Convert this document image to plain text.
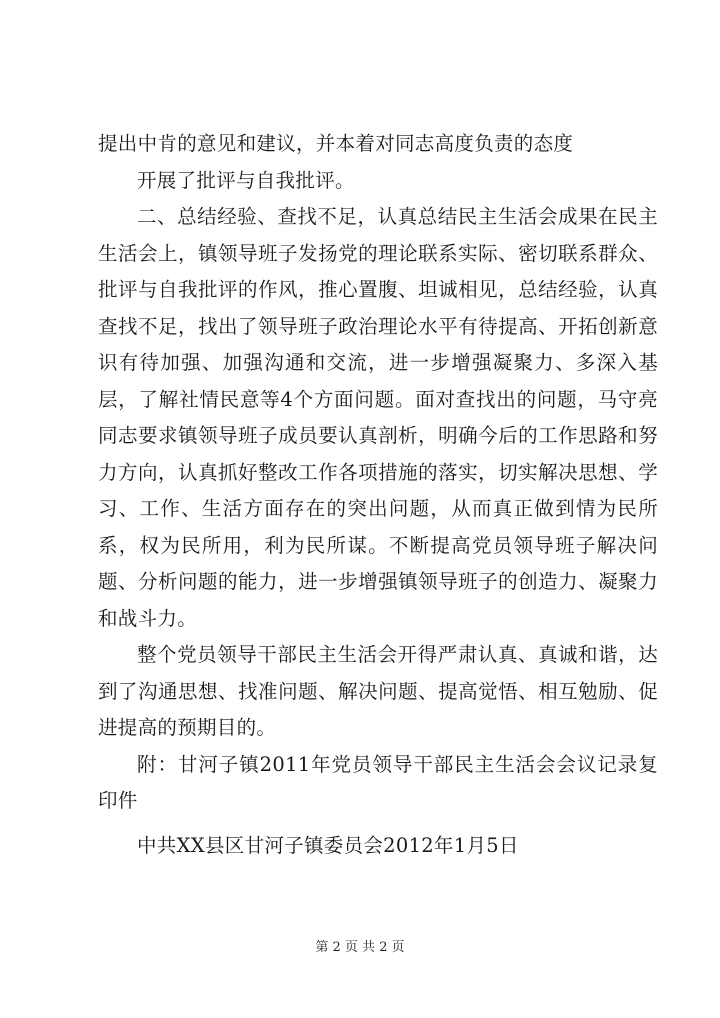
提出中肯的意见和建议，并本着对同志高度负责的态度

开展了批评与自我批评。

二、总结经验、查找不足，认真总结民主生活会成果在民主生活会上，镇领导班子发扬党的理论联系实际、密切联系群众、批评与自我批评的作风，推心置腹、坦诚相见，总结经验，认真查找不足，找出了领导班子政治理论水平有待提高、开拓创新意识有待加强、加强沟通和交流，进一步增强凝聚力、多深入基层，了解社情民意等4个方面问题。面对查找出的问题，马守亮同志要求镇领导班子成员要认真剖析，明确今后的工作思路和努力方向，认真抓好整改工作各项措施的落实，切实解决思想、学习、工作、生活方面存在的突出问题，从而真正做到情为民所系，权为民所用，利为民所谋。不断提高党员领导班子解决问题、分析问题的能力，进一步增强镇领导班子的创造力、凝聚力和战斗力。

整个党员领导干部民主生活会开得严肃认真、真诚和谐，达到了沟通思想、找准问题、解决问题、提高觉悟、相互勉励、促进提高的预期目的。

附：甘河子镇2011年党员领导干部民主生活会会议记录复印件

中共XX县区甘河子镇委员会2012年1月5日

第 2 页 共 2 页
